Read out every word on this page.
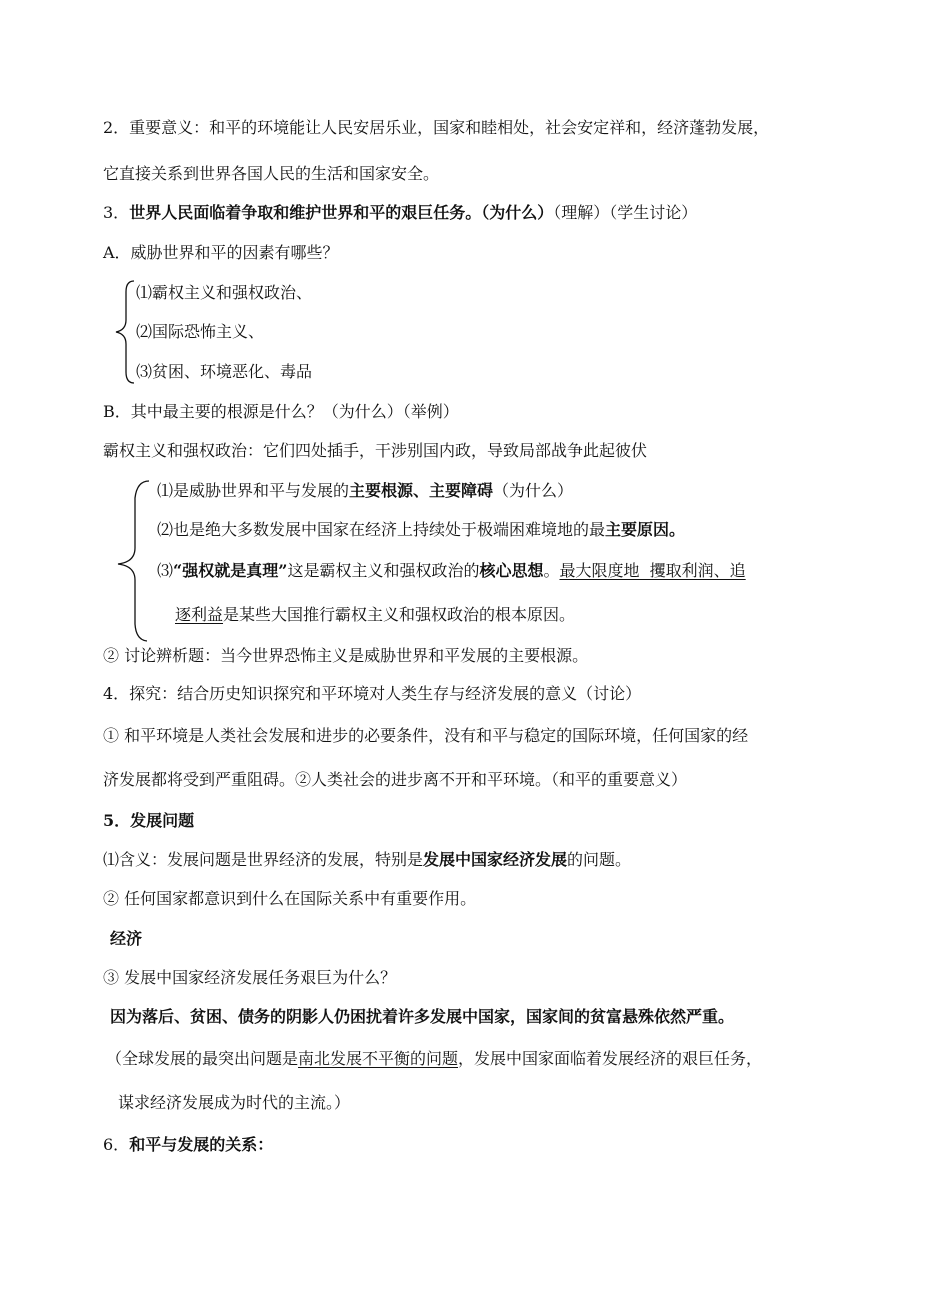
2．重要意义：和平的环境能让人民安居乐业，国家和睦相处，社会安定祥和，经济蓬勃发展，
它直接关系到世界各国人民的生活和国家安全。
3．世界人民面临着争取和维护世界和平的艰巨任务。（为什么）（理解）（学生讨论）
A．威胁世界和平的因素有哪些？
⑴霸权主义和强权政治、
⑵国际恐怖主义、
⑶贫困、环境恶化、毒品
B．其中最主要的根源是什么？（为什么）（举例）
霸权主义和强权政治：它们四处插手，干涉别国内政，导致局部战争此起彼伏
⑴是威胁世界和平与发展的主要根源、主要障碍（为什么）
⑵也是绝大多数发展中国家在经济上持续处于极端困难境地的最主要原因。
⑶“强权就是真理”这是霸权主义和强权政治的核心思想。最大限度地  攫取利润、追
逐利益是某些大国推行霸权主义和强权政治的根本原因。
② 讨论辨析题：当今世界恐怖主义是威胁世界和平发展的主要根源。
4．探究：结合历史知识探究和平环境对人类生存与经济发展的意义（讨论）
① 和平环境是人类社会发展和进步的必要条件，没有和平与稳定的国际环境，任何国家的经
济发展都将受到严重阻碍。②人类社会的进步离不开和平环境。（和平的重要意义）
5．发展问题
⑴含义：发展问题是世界经济的发展，特别是发展中国家经济发展的问题。
② 任何国家都意识到什么在国际关系中有重要作用。
经济
③ 发展中国家经济发展任务艰巨为什么？
因为落后、贫困、债务的阴影人仍困扰着许多发展中国家，国家间的贫富悬殊依然严重。
（全球发展的最突出问题是南北发展不平衡的问题，发展中国家面临着发展经济的艰巨任务，
谋求经济发展成为时代的主流。）
6．和平与发展的关系：
